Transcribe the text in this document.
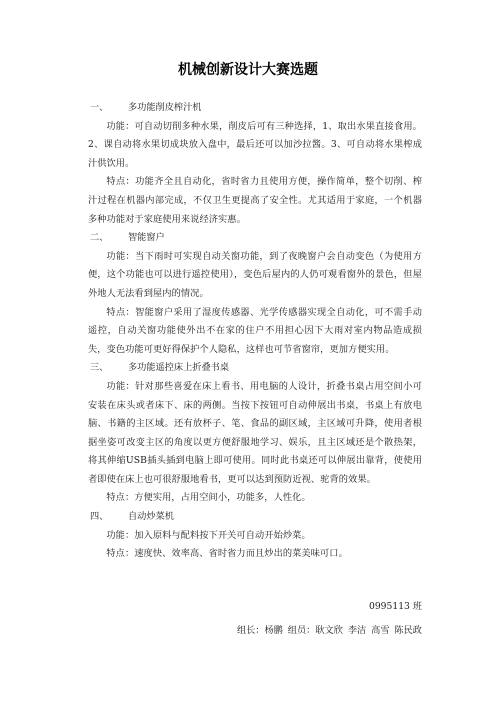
机械创新设计大赛选题

一、 多功能削皮榨汁机

功能：可自动切削多种水果，削皮后可有三种选择，1、取出水果直接食用。2、课自动将水果切成块放入盘中，最后还可以加沙拉酱。3、可自动将水果榨成汁供饮用。

特点：功能齐全且自动化，省时省力且使用方便，操作简单，整个切削、榨汁过程在机器内部完成，不仅卫生更提高了安全性。尤其适用于家庭，一个机器多种功能对于家庭使用来说经济实惠。

二、 智能窗户

功能：当下雨时可实现自动关窗功能，到了夜晚窗户会自动变色（为使用方便，这个功能也可以进行遥控使用），变色后屋内的人仍可观看窗外的景色，但屋外地人无法看到屋内的情况。

特点：智能窗户采用了湿度传感器、光学传感器实现全自动化，可不需手动遥控，自动关窗功能使外出不在家的住户不用担心因下大雨对室内物品造成损失，变色功能可更好得保护个人隐私，这样也可节省窗帘，更加方便实用。

三、 多功能遥控床上折叠书桌

功能：针对那些喜爱在床上看书、用电脑的人设计，折叠书桌占用空间小可安装在床头或者床下、床的两侧。当按下按钮可自动伸展出书桌，书桌上有放电脑、书籍的主区域。还有放杯子、笔、食品的副区域，主区域可升降，使用者根据坐姿可改变主区的角度以更方便舒服地学习、娱乐，且主区域还是个散热架，将其伸缩USB插头插到电脑上即可使用。同时此书桌还可以伸展出靠背，使使用者即使在床上也可很舒服地看书，更可以达到预防近视、驼背的效果。

特点：方便实用，占用空间小，功能多，人性化。

四、 自动炒菜机

功能：加入原料与配料按下开关可自动开始炒菜。

特点：速度快、效率高、省时省力而且炒出的菜美味可口。

0995113 班
组长：杨鹏 组员：耿文欣 李洁 高雪 陈民政
